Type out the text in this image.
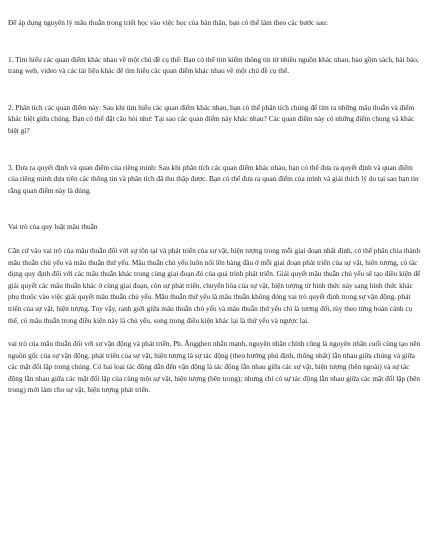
Để áp dụng nguyên lý mâu thuẫn trong triết học vào việc học của bản thân, bạn có thể làm theo các bước sau:

1. Tìm hiểu các quan điểm khác nhau về một chủ đề cụ thể: Bạn có thể tìm kiếm thông tin từ nhiều nguồn khác nhau, bao gồm sách, bài báo, trang web, video và các tài liệu khác để tìm hiểu các quan điểm khác nhau về một chủ đề cụ thể.

2. Phân tích các quan điểm này: Sau khi tìm hiểu các quan điểm khác nhau, bạn có thể phân tích chúng để tìm ra những mâu thuẫn và điểm khác biệt giữa chúng. Bạn có thể đặt câu hỏi như: Tại sao các quan điểm này khác nhau? Các quan điểm này có những điểm chung và khác biệt gì?

3. Đưa ra quyết định và quan điểm của riêng mình: Sau khi phân tích các quan điểm khác nhau, bạn có thể đưa ra quyết định và quan điểm của riêng mình dựa trên các thông tin và phân tích đã thu thập được. Bạn có thể đưa ra quan điểm của mình và giải thích lý do tại sao bạn tin rằng quan điểm này là đúng.

Vai trò của quy luật mâu thuẫn

Căn cứ vào vai trò của mâu thuẫn đối với sự tồn tại và phát triển của sự vật, hiện tượng trong mỗi giai đoạn nhất định, có thể phân chia thành mâu thuẫn chủ yếu và mâu thuẫn thứ yếu. Mâu thuẫn chủ yếu luôn nổi lên hàng đầu ở mỗi giai đoạn phát triển của sự vật, hiện tượng, có tác dụng quy định đối với các mâu thuẫn khác trong cùng giai đoạn đó của quá trình phát triển. Giải quyết mâu thuẫn chủ yếu sẽ tạo điều kiện để giải quyết các mâu thuẫn khác ở cùng giai đoạn, còn sự phát triển, chuyển hóa của sự vật, hiện tượng từ hình thức này sang hình thức khác phụ thuộc vào việc giải quyết mâu thuẫn chủ yếu. Mâu thuẫn thứ yếu là mâu thuẫn không đóng vai trò quyết định trong sự vận động, phát triển của sự vật, hiện tượng. Tuy vậy, ranh giới giữa mâu thuẫn chủ yếu và mâu thuẫn thứ yếu chỉ là tương đối, tùy theo từng hoàn cảnh cụ thể, có mâu thuẫn trong điều kiện này là chủ yếu, song trong điều kiện khác lại là thứ yếu và ngược lại.

vai trò của mâu thuẫn đối với sự vận động và phát triển, Ph. Ăngghen nhấn mạnh, nguyên nhân chính cũng là nguyên nhân cuối cùng tạo nên nguồn gốc của sự vận động, phát triển của sự vật, hiện tượng là sự tác động (theo hướng phủ định, thống nhất) lẫn nhau giữa chúng và giữa các mặt đối lập trong chúng. Có hai loại tác động dẫn đến vận động là tác động lẫn nhau giữa các sự vật, hiện tượng (bên ngoài) và sự tác động lẫn nhau giữa các mặt đối lập của cùng một sự vật, hiện tượng (bên trong); nhưng chỉ có sự tác động lẫn nhau giữa các mặt đối lập (bên trong) mới làm cho sự vật, hiện tượng phát triển.
